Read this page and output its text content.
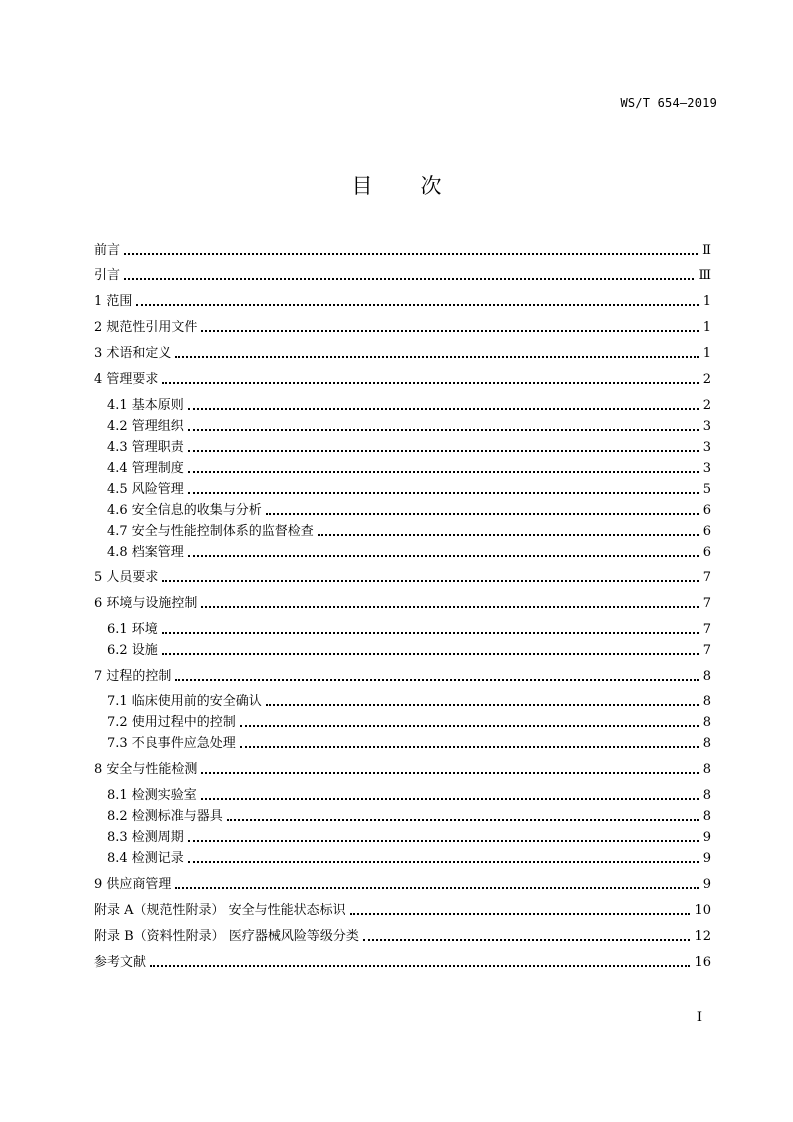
WS/T 654—2019
目次
前言	Ⅱ
引言	Ⅲ
1 范围	1
2 规范性引用文件	1
3 术语和定义	1
4 管理要求	2
4.1 基本原则	2
4.2 管理组织	3
4.3 管理职责	3
4.4 管理制度	3
4.5 风险管理	5
4.6 安全信息的收集与分析	6
4.7 安全与性能控制体系的监督检查	6
4.8 档案管理	6
5 人员要求	7
6 环境与设施控制	7
6.1 环境	7
6.2 设施	7
7 过程的控制	8
7.1 临床使用前的安全确认	8
7.2 使用过程中的控制	8
7.3 不良事件应急处理	8
8 安全与性能检测	8
8.1 检测实验室	8
8.2 检测标准与器具	8
8.3 检测周期	9
8.4 检测记录	9
9 供应商管理	9
附录 A（规范性附录） 安全与性能状态标识	10
附录 B（资料性附录） 医疗器械风险等级分类	12
参考文献	16
I
